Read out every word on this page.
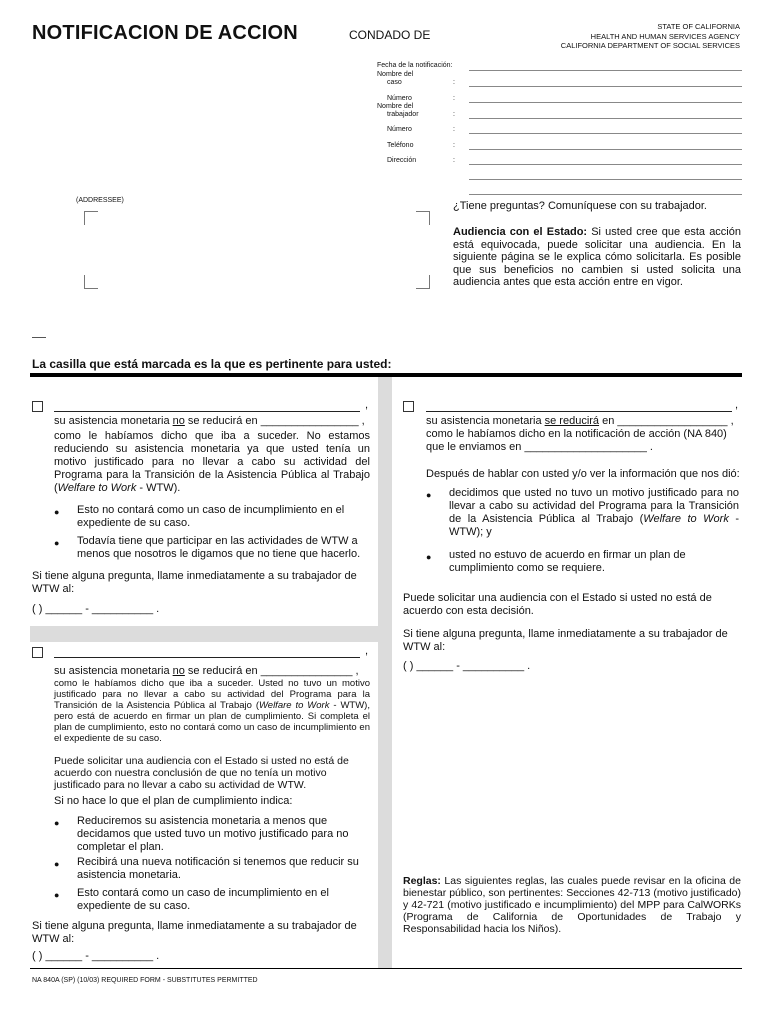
NOTIFICACION DE ACCION	CONDADO DE
STATE OF CALIFORNIA
HEALTH AND HUMAN SERVICES AGENCY
CALIFORNIA DEPARTMENT OF SOCIAL SERVICES
Fecha de la notificación:
Nombre del
caso	:
Número	:
Nombre del
trabajador	:
Número	:
Teléfono	:
Dirección	:
(ADDRESSEE)	¿Tiene preguntas? Comuníquese con su trabajador.
Audiencia con el Estado: Si usted cree que esta acción está equivocada, puede solicitar una audiencia. En la siguiente página se le explica cómo solicitarla. Es posible que sus beneficios no cambien si usted solicita una audiencia antes que esta acción entre en vigor.
La casilla que está marcada es la que es pertinente para usted:
,
su asistencia monetaria no se reducirá en ________________ ,
como le habíamos dicho que iba a suceder. No estamos reduciendo su asistencia monetaria ya que usted tenía un motivo justificado para no llevar a cabo su actividad del Programa para la Transición de la Asistencia Pública al Trabajo (Welfare to Work - WTW).
● Esto no contará como un caso de incumplimiento en el expediente de su caso.
● Todavía tiene que participar en las actividades de WTW a menos que nosotros le digamos que no tiene que hacerlo.
Si tiene alguna pregunta, llame inmediatamente a su trabajador de WTW al:
( ) ______ - __________ .
,
su asistencia monetaria no se reducirá en _______________ ,
como le habíamos dicho que iba a suceder. Usted no tuvo un motivo justificado para no llevar a cabo su actividad del Programa para la Transición de la Asistencia Pública al Trabajo (Welfare to Work - WTW), pero está de acuerdo en firmar un plan de cumplimiento. Si completa el plan de cumplimiento, esto no contará como un caso de incumplimiento en el expediente de su caso.
Puede solicitar una audiencia con el Estado si usted no está de acuerdo con nuestra conclusión de que no tenía un motivo justificado para no llevar a cabo su actividad de WTW.
Si no hace lo que el plan de cumplimiento indica:
● Reduciremos su asistencia monetaria a menos que decidamos que usted tuvo un motivo justificado para no completar el plan.
● Recibirá una nueva notificación si tenemos que reducir su asistencia monetaria.
● Esto contará como un caso de incumplimiento en el expediente de su caso.
Si tiene alguna pregunta, llame inmediatamente a su trabajador de WTW al:
( ) ______ - __________ .
,
su asistencia monetaria se reducirá en __________________ ,
como le habíamos dicho en la notificación de acción (NA 840) que le enviamos en ____________________ .
Después de hablar con usted y/o ver la información que nos dió:
● decidimos que usted no tuvo un motivo justificado para no llevar a cabo su actividad del Programa para la Transición de la Asistencia Pública al Trabajo (Welfare to Work - WTW); y
● usted no estuvo de acuerdo en firmar un plan de cumplimiento como se requiere.
Puede solicitar una audiencia con el Estado si usted no está de acuerdo con esta decisión.
Si tiene alguna pregunta, llame inmediatamente a su trabajador de WTW al:
( ) ______ - __________ .
Reglas: Las siguientes reglas, las cuales puede revisar en la oficina de bienestar público, son pertinentes: Secciones 42-713 (motivo justificado) y 42-721 (motivo justificado e incumplimiento) del MPP para CalWORKs (Programa de California de Oportunidades de Trabajo y Responsabilidad hacia los Niños).
NA 840A (SP) (10/03) REQUIRED FORM - SUBSTITUTES PERMITTED
